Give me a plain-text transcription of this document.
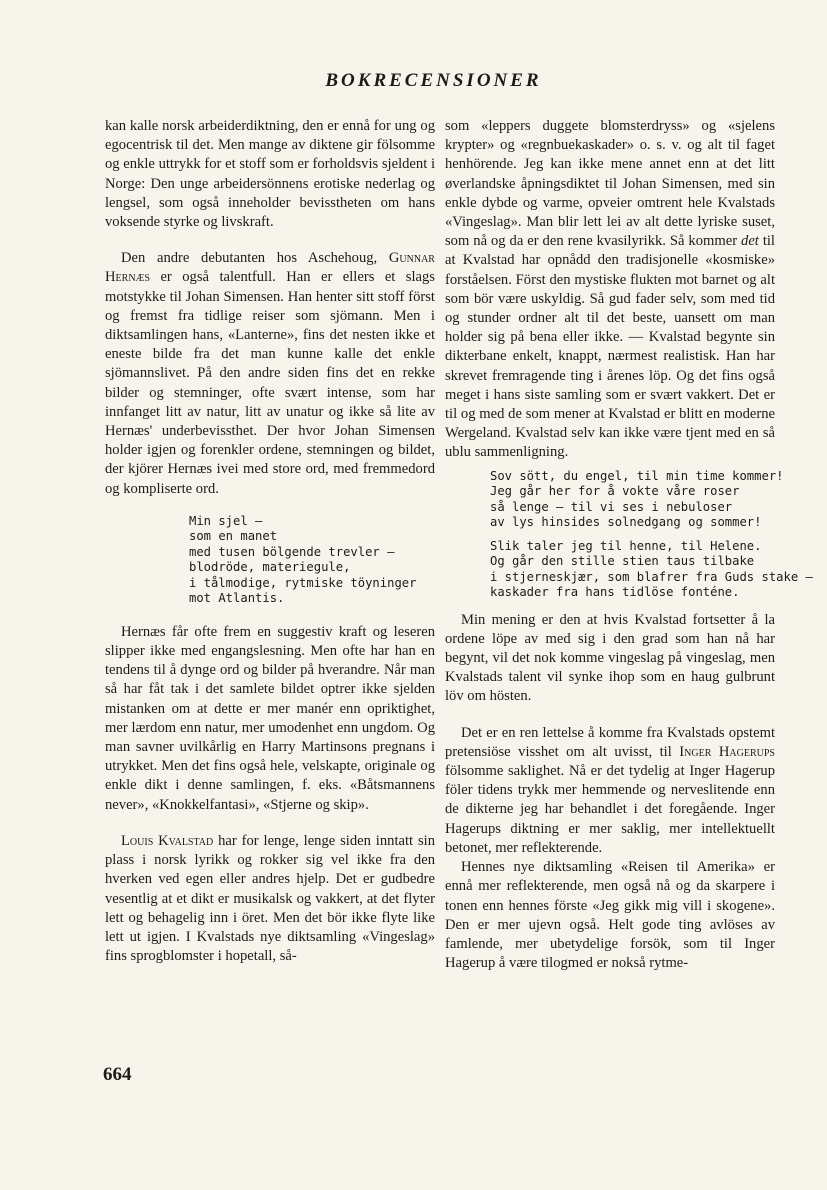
BOKRECENSIONER

kan kalle norsk arbeiderdiktning, den er ennå for ung og egocentrisk til det. Men mange av diktene gir fölsomme og enkle uttrykk for et stoff som er forholdsvis sjeldent i Norge: Den unge arbeidersönnens erotiske nederlag og lengsel, som også inneholder bevisstheten om hans voksende styrke og livskraft.

Den andre debutanten hos Aschehoug, Gunnar Hernæs er også talentfull. Han er ellers et slags motstykke til Johan Simensen. Han henter sitt stoff först og fremst fra tidlige reiser som sjömann. Men i diktsamlingen hans, «Lanterne», fins det nesten ikke et eneste bilde fra det man kunne kalle det enkle sjömannslivet. På den andre siden fins det en rekke bilder og stemninger, ofte svært intense, som har innfanget litt av natur, litt av unatur og ikke så lite av Hernæs' underbevissthet. Der hvor Johan Simensen holder igjen og forenkler ordene, stemningen og bildet, der kjörer Hernæs ivei med store ord, med fremmedord og kompliserte ord.

Min sjel —
som en manet
med tusen bölgende trevler —
blodröde, materiegule,
i tålmodige, rytmiske töyninger
mot Atlantis.

Hernæs får ofte frem en suggestiv kraft og leseren slipper ikke med engangslesning. Men ofte har han en tendens til å dynge ord og bilder på hverandre. Når man så har fåt tak i det samlete bildet optrer ikke sjelden mistanken om at dette er mer manér enn opriktighet, mer lærdom enn natur, mer umodenhet enn ungdom. Og man savner uvilkårlig en Harry Martinsons pregnans i utrykket. Men det fins også hele, velskapte, originale og enkle dikt i denne samlingen, f. eks. «Båtsmannens never», «Knokkelfantasi», «Stjerne og skip».

Louis Kvalstad har for lenge, lenge siden inntatt sin plass i norsk lyrikk og rokker sig vel ikke fra den hverken ved egen eller andres hjelp. Det er gudbedre vesentlig at et dikt er musikalsk og vakkert, at det flyter lett og behagelig inn i öret. Men det bör ikke flyte like lett ut igjen. I Kvalstads nye diktsamling «Vingeslag» fins sprogblomster i hopetall, så-

som «leppers duggete blomsterdryss» og «sjelens krypter» og «regnbuekaskader» o. s. v. og alt til faget henhörende. Jeg kan ikke mene annet enn at det litt øverlandske åpningsdiktet til Johan Simensen, med sin enkle dybde og varme, opveier omtrent hele Kvalstads «Vingeslag». Man blir lett lei av alt dette lyriske suset, som nå og da er den rene kvasilyrikk. Så kommer det til at Kvalstad har opnådd den tradisjonelle «kosmiske» forståelsen. Först den mystiske flukten mot barnet og alt som bör være uskyldig. Så gud fader selv, som med tid og stunder ordner alt til det beste, uansett om man holder sig på bena eller ikke. — Kvalstad begynte sin dikterbane enkelt, knappt, nærmest realistisk. Han har skrevet fremragende ting i årenes löp. Og det fins også meget i hans siste samling som er svært vakkert. Det er til og med de som mener at Kvalstad er blitt en moderne Wergeland. Kvalstad selv kan ikke være tjent med en så ublu sammenligning.

Sov sött, du engel, til min time kommer!
Jeg går her for å vokte våre roser
så lenge — til vi ses i nebuloser
av lys hinsides solnedgang og sommer!
Slik taler jeg til henne, til Helene.
Og går den stille stien taus tilbake
i stjerneskjær, som blafrer fra Guds stake —
kaskader fra hans tidlöse fonténe.

Min mening er den at hvis Kvalstad fortsetter å la ordene löpe av med sig i den grad som han nå har begynt, vil det nok komme vingeslag på vingeslag, men Kvalstads talent vil synke ihop som en haug gulbrunt löv om hösten.

Det er en ren lettelse å komme fra Kvalstads opstemt pretensiöse visshet om alt uvisst, til Inger Hagerups fölsomme saklighet. Nå er det tydelig at Inger Hagerup föler tidens trykk mer hemmende og nerveslitende enn de dikterne jeg har behandlet i det foregående. Inger Hagerups diktning er mer saklig, mer intellektuellt betonet, mer reflekterende.

Hennes nye diktsamling «Reisen til Amerika» er ennå mer reflekterende, men også nå og da skarpere i tonen enn hennes förste «Jeg gikk mig vill i skogene». Den er mer ujevn også. Helt gode ting avlöses av famlende, mer ubetydelige forsök, som til Inger Hagerup å være tilogmed er nokså rytme-

664
